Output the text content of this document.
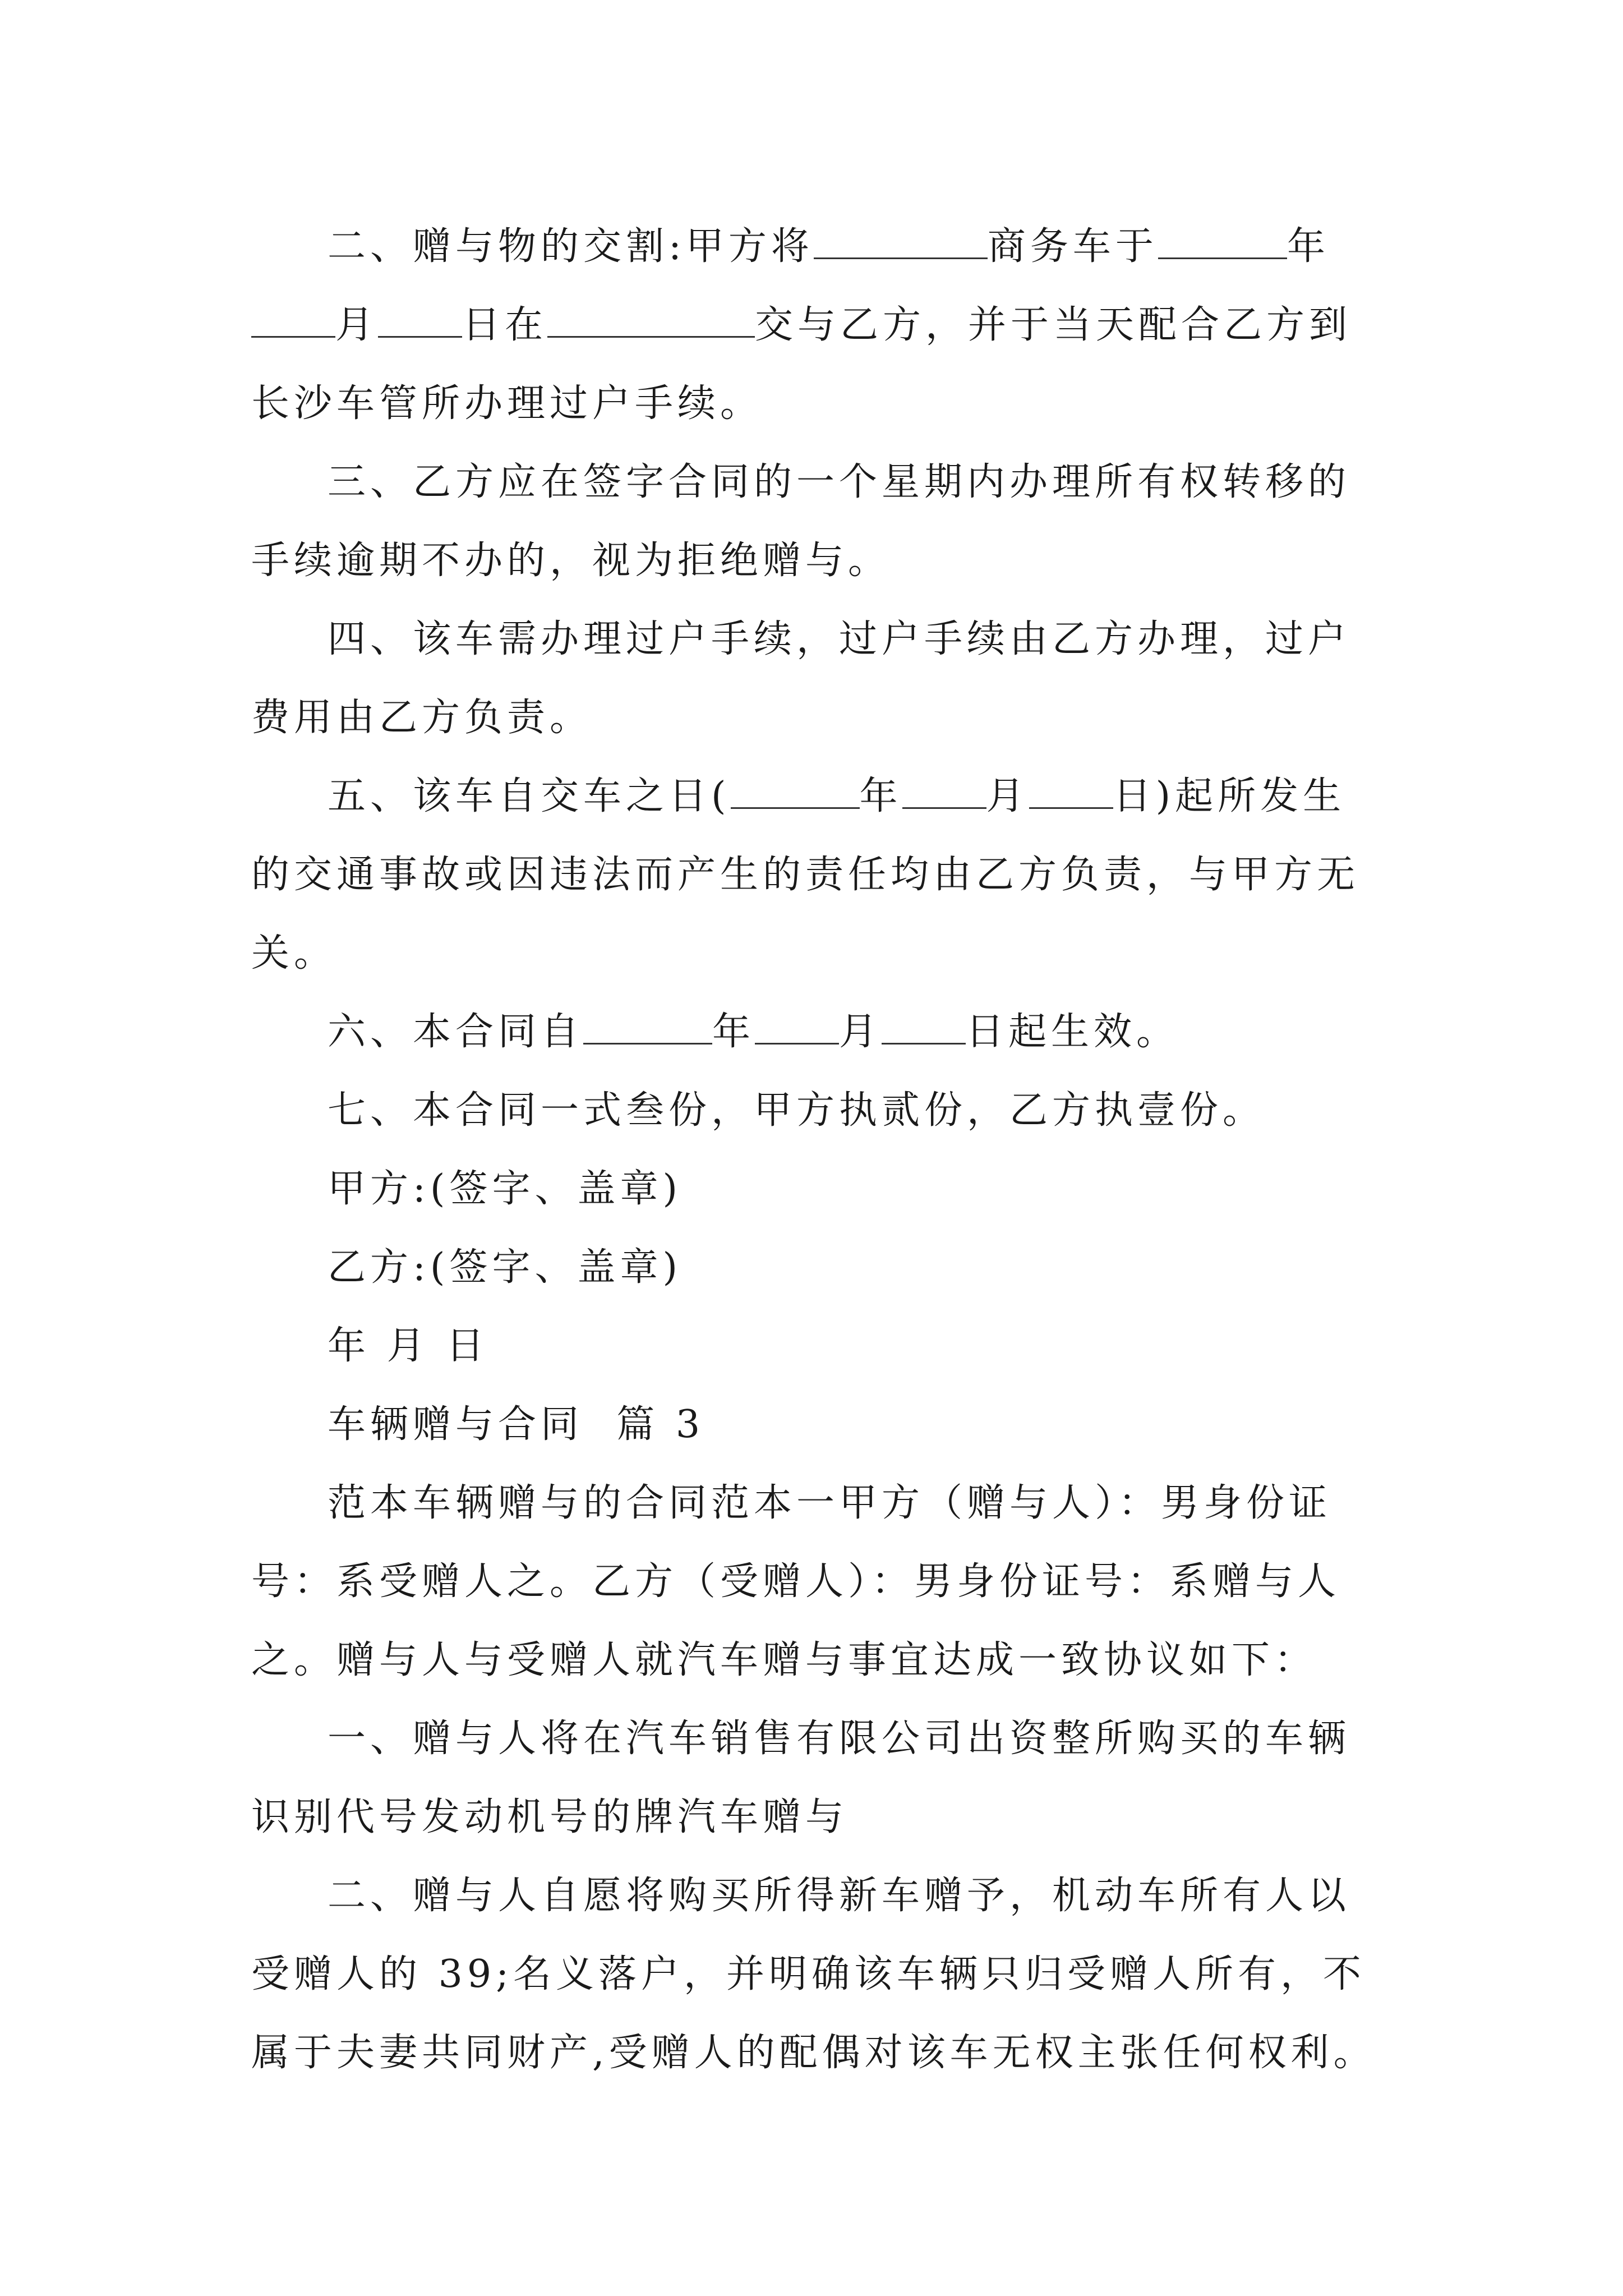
二、赠与物的交割:甲方将	商务车于	年月 日在	交与乙方，并于当天配合乙方到长沙车管所办理过户手续。

三、乙方应在签字合同的一个星期内办理所有权转移的手续逾期不办的，视为拒绝赠与。

四、该车需办理过户手续，过户手续由乙方办理，过户费用由乙方负责。

五、该车自交车之日(	年 月 日)起所发生的交通事故或因违法而产生的责任均由乙方负责，与甲方无关。

六、本合同自	年 月 日起生效。

七、本合同一式叁份，甲方执贰份，乙方执壹份。

甲方:(签字、盖章)

乙方:(签字、盖章)

年 月 日

车辆赠与合同  篇 3

范本车辆赠与的合同范本一甲方（赠与人）：男身份证号：系受赠人之。乙方（受赠人）：男身份证号：系赠与人之。赠与人与受赠人就汽车赠与事宜达成一致协议如下：

一、赠与人将在汽车销售有限公司出资整所购买的车辆识别代号发动机号的牌汽车赠与

二、赠与人自愿将购买所得新车赠予，机动车所有人以受赠人的 39;名义落户，并明确该车辆只归受赠人所有，不属于夫妻共同财产,受赠人的配偶对该车无权主张任何权利。
